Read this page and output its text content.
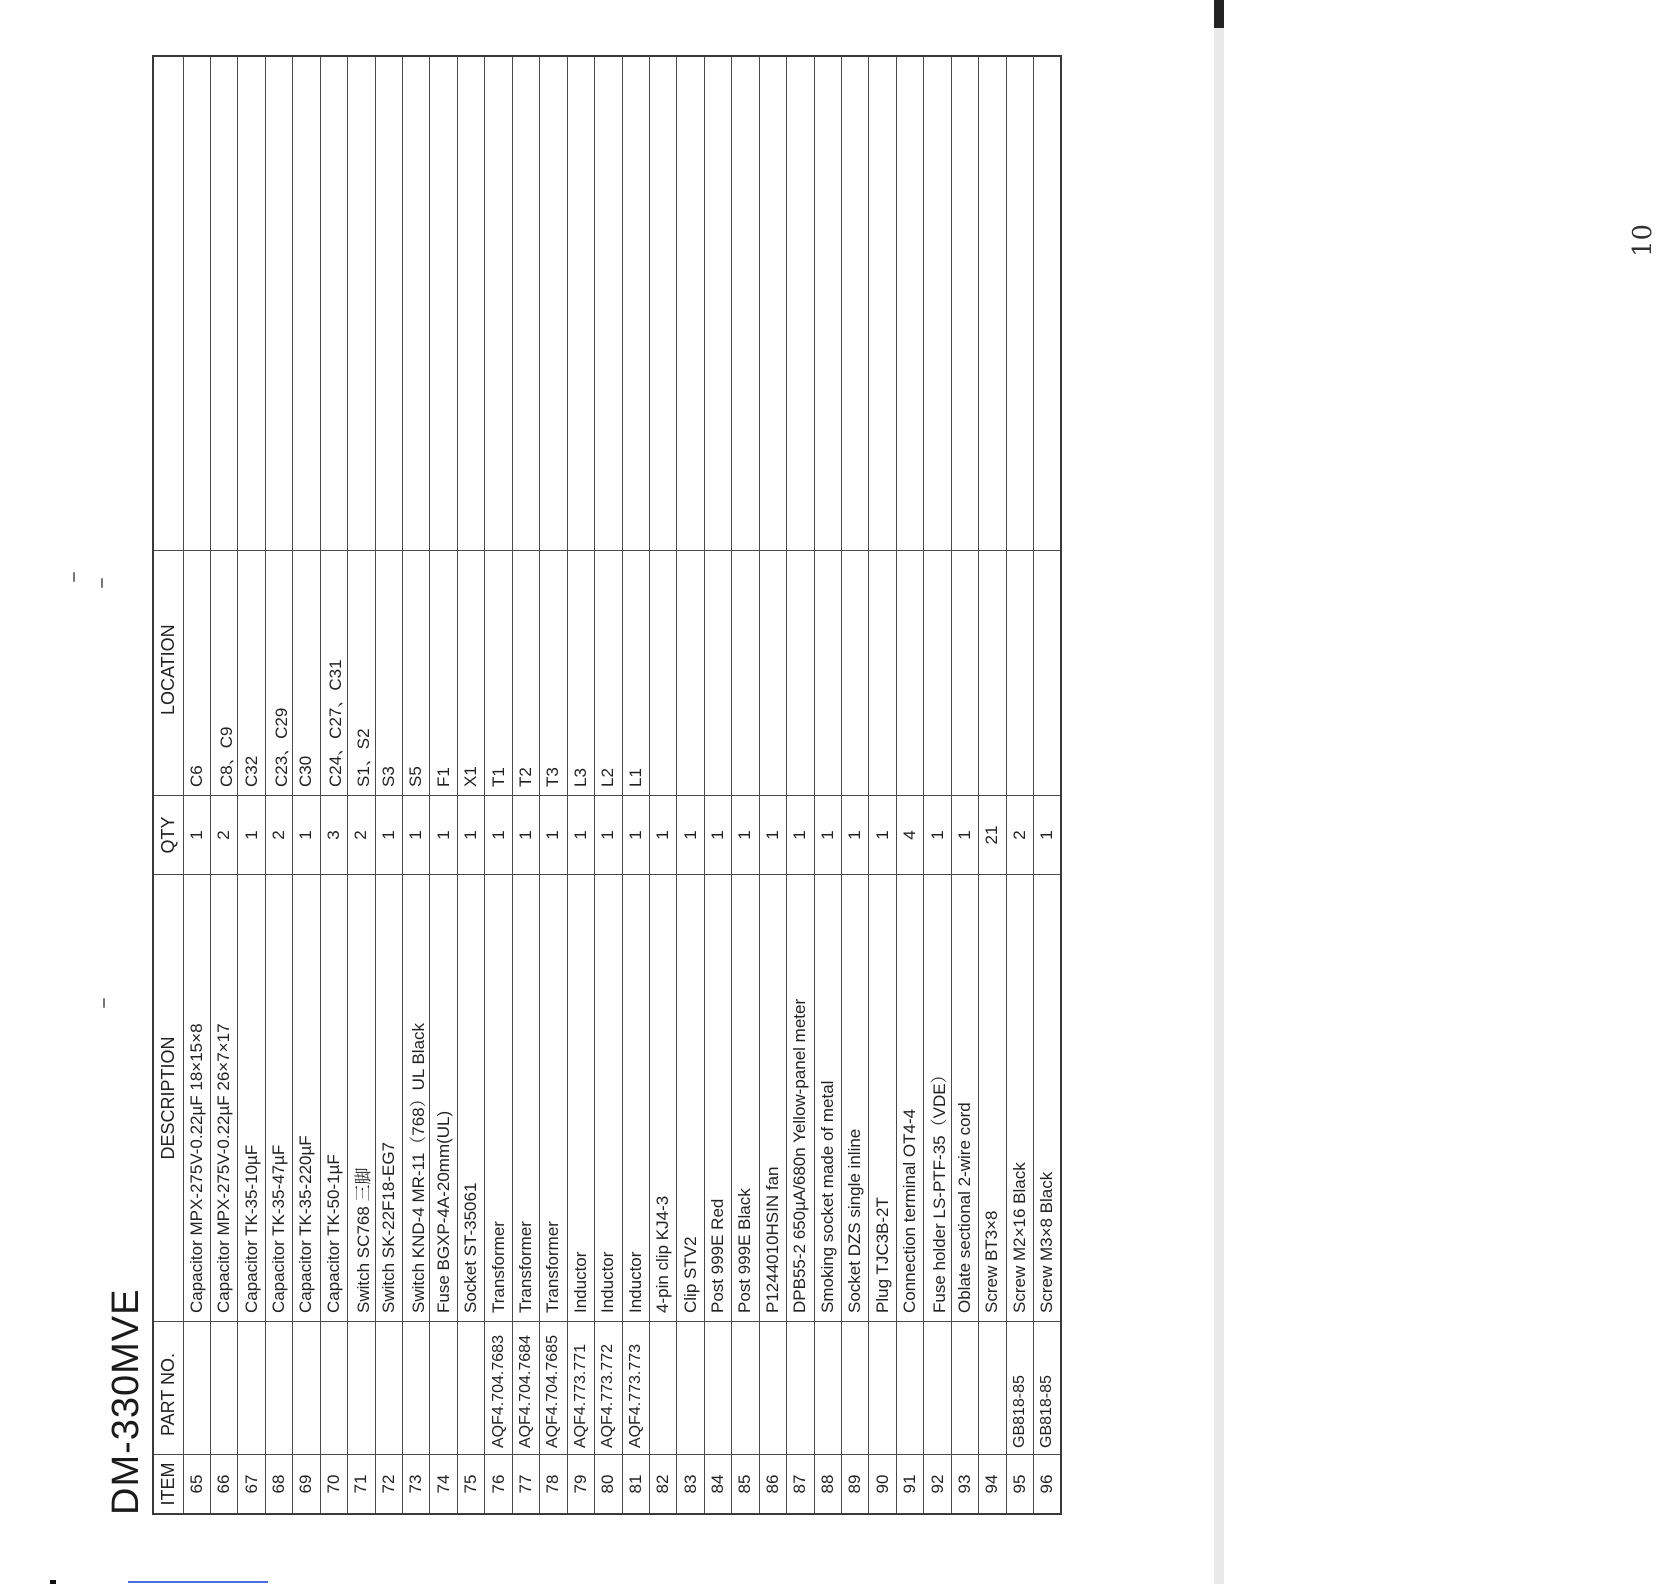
DM-330MVE ITEM	PART NO.	DESCRIPTION	QTY	LOCATION	
65		Capacitor MPX-275V-0.22µF 18×15×8	1	C6	
66		Capacitor MPX-275V-0.22µF 26×7×17	2	C8、C9	
67		Capacitor TK-35-10µF	1	C32	
68		Capacitor TK-35-47µF	2	C23、C29	
69		Capacitor TK-35-220µF	1	C30	
70		Capacitor TK-50-1µF	3	C24、C27、C31	
71		Switch SC768 三脚	2	S1、S2	
72		Switch SK-22F18-EG7	1	S3	
73		Switch KND-4 MR-11（768）UL Black	1	S5	
74		Fuse BGXP-4A-20mm(UL)	1	F1	
75		Socket ST-35061	1	X1	
76	AQF4.704.7683	Transformer	1	T1	
77	AQF4.704.7684	Transformer	1	T2	
78	AQF4.704.7685	Transformer	1	T3	
79	AQF4.773.771	Inductor	1	L3	
80	AQF4.773.772	Inductor	1	L2	
81	AQF4.773.773	Inductor	1	L1	
82		4-pin clip KJ4-3	1		
83		Clip STV2	1		
84		Post 999E Red	1		
85		Post 999E Black	1		
86		P1244010HSIN fan	1		
87		DPB55-2 650µA/680n Yellow-panel meter	1		
88		Smoking socket made of metal	1		
89		Socket DZS single inline	1		
90		Plug TJC3B-2T	1		
91		Connection terminal OT4-4	4		
92		Fuse holder LS-PTF-35（VDE）	1		
93		Oblate sectional 2-wire cord	1		
94		Screw BT3×8	21		
95	GB818-85	Screw M2×16 Black	2		
96	GB818-85	Screw M3×8 Black	1		
10
